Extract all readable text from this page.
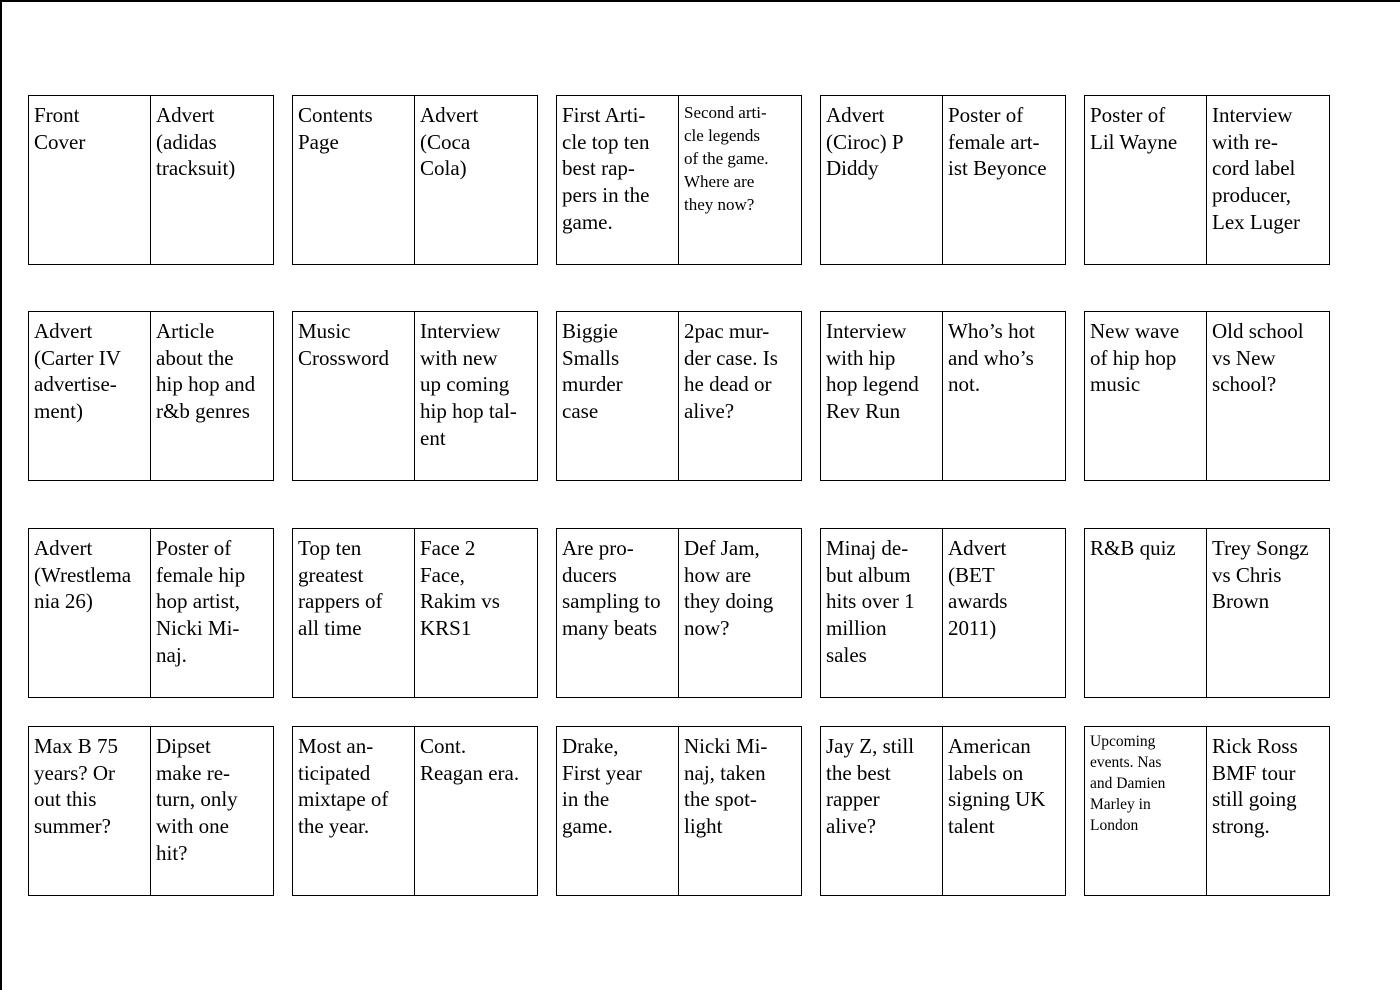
Front
Cover
Advert
(adidas
tracksuit)
Contents
Page
Advert
(Coca
Cola)
First Arti-
cle top ten
best rap-
pers in the
game.
Second arti-
cle legends
of the game.
Where are
they now?
Advert
(Ciroc) P
Diddy
Poster of
female art-
ist Beyonce
Poster of
Lil Wayne
Interview
with re-
cord label
producer,
Lex Luger
Advert
(Carter IV
advertise-
ment)
Article
about the
hip hop and
r&b genres
Music
Crossword
Interview
with new
up coming
hip hop tal-
ent
Biggie
Smalls
murder
case
2pac mur-
der case. Is
he dead or
alive?
Interview
with hip
hop legend
Rev Run
Who’s hot
and who’s
not.
New wave
of hip hop
music
Old school
vs New
school?
Advert
(Wrestlema
nia 26)
Poster of
female hip
hop artist,
Nicki Mi-
naj.
Top ten
greatest
rappers of
all time
Face 2
Face,
Rakim vs
KRS1
Are pro-
ducers
sampling to
many beats
Def Jam,
how are
they doing
now?
Minaj de-
but album
hits over 1
million
sales
Advert
(BET
awards
2011)
R&B quiz	Trey Songz
vs Chris
Brown
Max B 75
years? Or
out this
summer?
Dipset
make re-
turn, only
with one
hit?
Most an-
ticipated
mixtape of
the year.
Cont.
Reagan era.
Drake,
First year
in the
game.
Nicki Mi-
naj, taken
the spot-
light
Jay Z, still
the best
rapper
alive?
American
labels on
signing UK
talent
Upcoming
events. Nas
and Damien
Marley in
London
Rick Ross
BMF tour
still going
strong.
